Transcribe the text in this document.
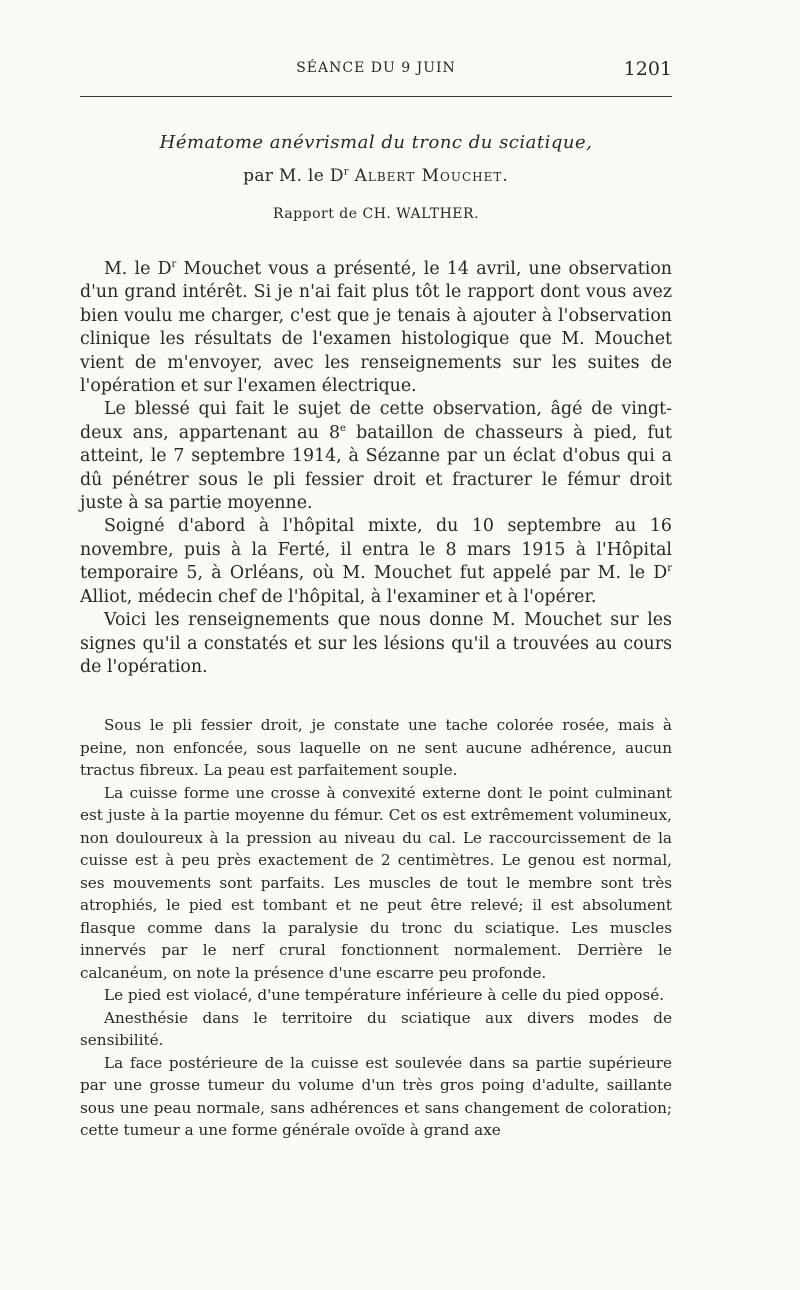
SÉANCE DU 9 JUIN	1201
Hématome anévrismal du tronc du sciatique,
par M. le $D^r$ Albert Mouchet.
Rapport de CH. WALTHER.

M. le $D^r$ Mouchet vous a présenté, le 14 avril, une observation d'un grand intérêt. Si je n'ai fait plus tôt le rapport dont vous avez bien voulu me charger, c'est que je tenais à ajouter à l'observation clinique les résultats de l'examen histologique que M. Mouchet vient de m'envoyer, avec les renseignements sur les suites de l'opération et sur l'examen électrique.

Le blessé qui fait le sujet de cette observation, âgé de vingt-deux ans, appartenant au 8e bataillon de chasseurs à pied, fut atteint, le 7 septembre 1914, à Sézanne par un éclat d'obus qui a dû pénétrer sous le pli fessier droit et fracturer le fémur droit juste à sa partie moyenne.

Soigné d'abord à l'hôpital mixte, du 10 septembre au 16 novembre, puis à la Ferté, il entra le 8 mars 1915 à l'Hôpital temporaire 5, à Orléans, où M. Mouchet fut appelé par M. le $D^r$ Alliot, médecin chef de l'hôpital, à l'examiner et à l'opérer.

Voici les renseignements que nous donne M. Mouchet sur les signes qu'il a constatés et sur les lésions qu'il a trouvées au cours de l'opération.

Sous le pli fessier droit, je constate une tache colorée rosée, mais à peine, non enfoncée, sous laquelle on ne sent aucune adhérence, aucun tractus fibreux. La peau est parfaitement souple.

La cuisse forme une crosse à convexité externe dont le point culminant est juste à la partie moyenne du fémur. Cet os est extrêmement volumineux, non douloureux à la pression au niveau du cal. Le raccourcissement de la cuisse est à peu près exactement de 2 centimètres. Le genou est normal, ses mouvements sont parfaits. Les muscles de tout le membre sont très atrophiés, le pied est tombant et ne peut être relevé; il est absolument flasque comme dans la paralysie du tronc du sciatique. Les muscles innervés par le nerf crural fonctionnent normalement. Derrière le calcanéum, on note la présence d'une escarre peu profonde.

Le pied est violacé, d'une température inférieure à celle du pied opposé.

Anesthésie dans le territoire du sciatique aux divers modes de sensibilité.

La face postérieure de la cuisse est soulevée dans sa partie supérieure par une grosse tumeur du volume d'un très gros poing d'adulte, saillante sous une peau normale, sans adhérences et sans changement de coloration; cette tumeur a une forme générale ovoïde à grand axe
